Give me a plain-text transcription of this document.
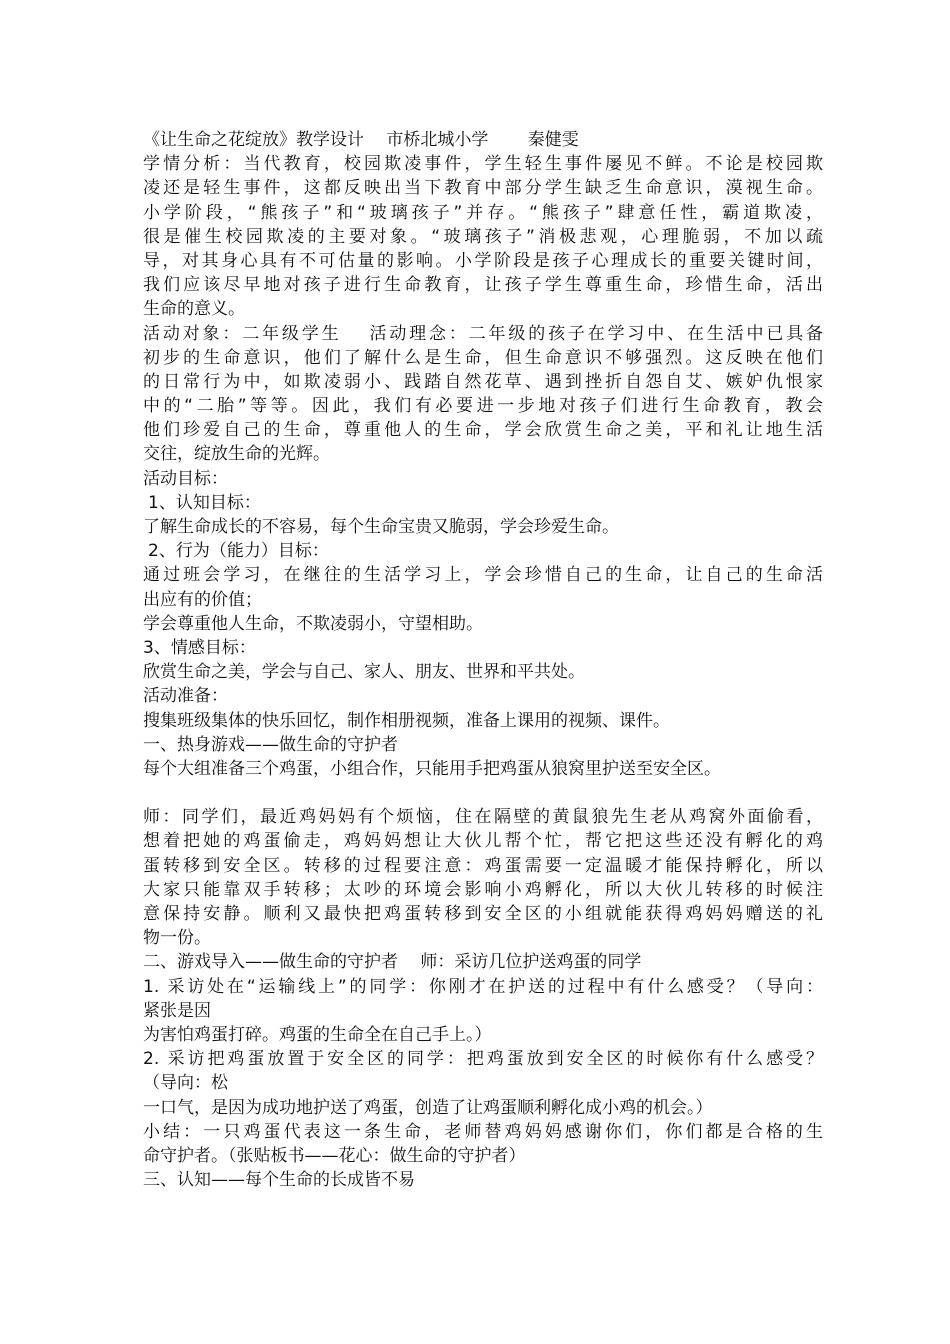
《让生命之花绽放》教学设计　 市桥北城小学　　 秦健雯
学情分析：当代教育，校园欺凌事件，学生轻生事件屡见不鲜。不论是校园欺
凌还是轻生事件，这都反映出当下教育中部分学生缺乏生命意识，漠视生命。
小学阶段，“熊孩子”和“玻璃孩子”并存。“熊孩子”肆意任性，霸道欺凌，
很是催生校园欺凌的主要对象。“玻璃孩子”消极悲观，心理脆弱，不加以疏
导，对其身心具有不可估量的影响。小学阶段是孩子心理成长的重要关键时间，
我们应该尽早地对孩子进行生命教育，让孩子学生尊重生命，珍惜生命，活出
生命的意义。
活动对象：二年级学生　 活动理念：二年级的孩子在学习中、在生活中已具备
初步的生命意识，他们了解什么是生命，但生命意识不够强烈。这反映在他们
的日常行为中，如欺凌弱小、践踏自然花草、遇到挫折自怨自艾、嫉妒仇恨家
中的“二胎”等等。因此，我们有必要进一步地对孩子们进行生命教育，教会
他们珍爱自己的生命，尊重他人的生命，学会欣赏生命之美，平和礼让地生活
交往，绽放生命的光辉。
活动目标：
1、认知目标：
了解生命成长的不容易，每个生命宝贵又脆弱，学会珍爱生命。
2、行为（能力）目标：
通过班会学习，在继往的生活学习上，学会珍惜自己的生命，让自己的生命活
出应有的价值；
学会尊重他人生命，不欺凌弱小，守望相助。
3、情感目标：
欣赏生命之美，学会与自己、家人、朋友、世界和平共处。
活动准备：
搜集班级集体的快乐回忆，制作相册视频，准备上课用的视频、课件。
一、热身游戏——做生命的守护者
每个大组准备三个鸡蛋，小组合作，只能用手把鸡蛋从狼窝里护送至安全区。
师：同学们，最近鸡妈妈有个烦恼，住在隔壁的黄鼠狼先生老从鸡窝外面偷看，
想着把她的鸡蛋偷走，鸡妈妈想让大伙儿帮个忙，帮它把这些还没有孵化的鸡
蛋转移到安全区。转移的过程要注意：鸡蛋需要一定温暖才能保持孵化，所以
大家只能靠双手转移；太吵的环境会影响小鸡孵化，所以大伙儿转移的时候注
意保持安静。顺利又最快把鸡蛋转移到安全区的小组就能获得鸡妈妈赠送的礼
物一份。
二、游戏导入——做生命的守护者　 师：采访几位护送鸡蛋的同学
1. 采访处在“运输线上”的同学：你刚才在护送的过程中有什么感受？（导向：
紧张是因
为害怕鸡蛋打碎。鸡蛋的生命全在自己手上。）
2. 采访把鸡蛋放置于安全区的同学：把鸡蛋放到安全区的时候你有什么感受？
（导向：松
一口气，是因为成功地护送了鸡蛋，创造了让鸡蛋顺利孵化成小鸡的机会。）
小结：一只鸡蛋代表这一条生命，老师替鸡妈妈感谢你们，你们都是合格的生
命守护者。（张贴板书——花心：做生命的守护者）
三、认知——每个生命的长成皆不易
